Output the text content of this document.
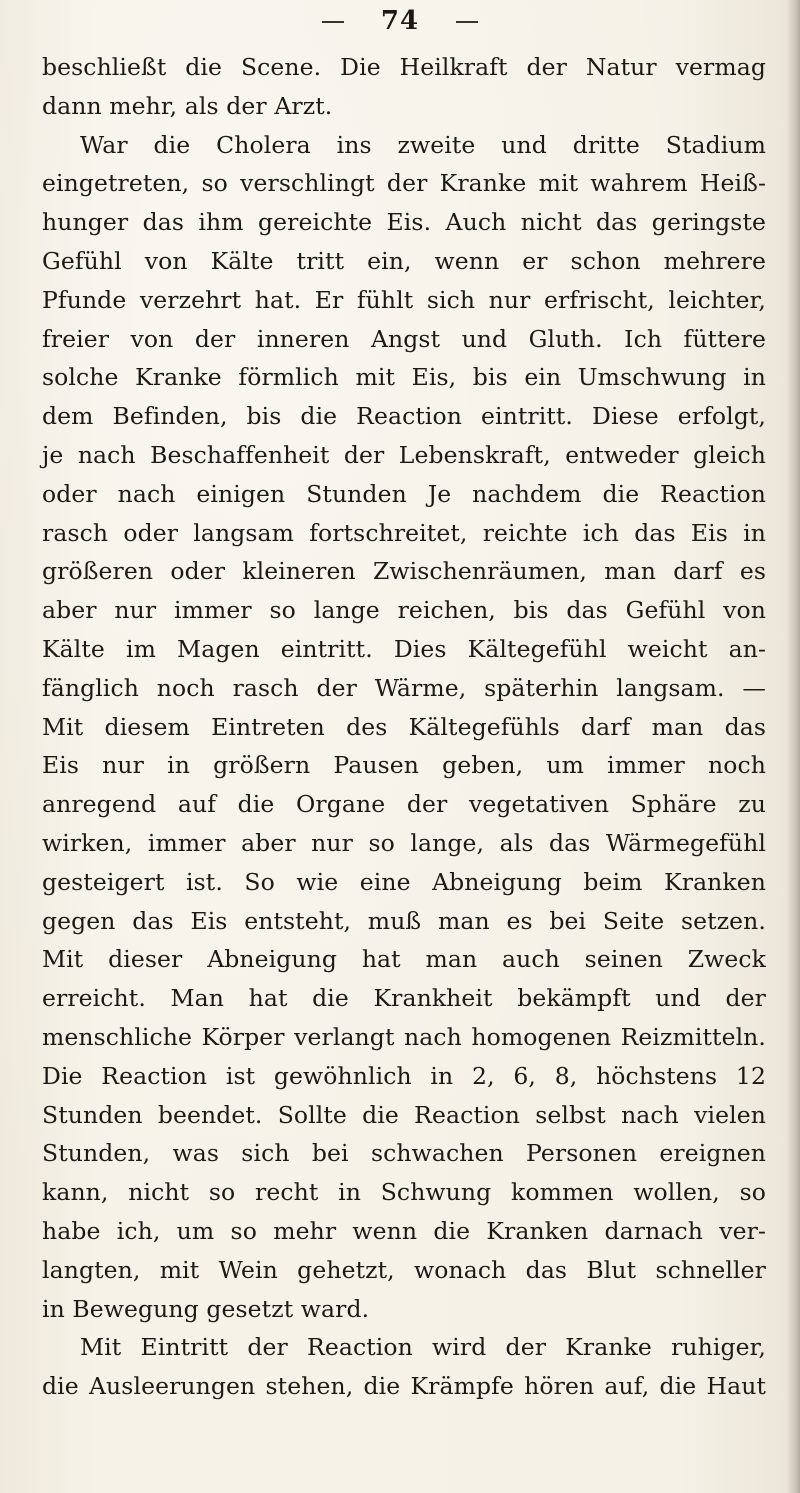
74
beschließt die Scene. Die Heilkraft der Natur vermag
dann mehr, als der Arzt.
War die Cholera ins zweite und dritte Stadium
eingetreten, so verschlingt der Kranke mit wahrem Heiß-
hunger das ihm gereichte Eis. Auch nicht das geringste
Gefühl von Kälte tritt ein, wenn er schon mehrere
Pfunde verzehrt hat. Er fühlt sich nur erfrischt, leichter,
freier von der inneren Angst und Gluth. Ich füttere
solche Kranke förmlich mit Eis, bis ein Umschwung in
dem Befinden, bis die Reaction eintritt. Diese erfolgt,
je nach Beschaffenheit der Lebenskraft, entweder gleich
oder nach einigen Stunden Je nachdem die Reaction
rasch oder langsam fortschreitet, reichte ich das Eis in
größeren oder kleineren Zwischenräumen, man darf es
aber nur immer so lange reichen, bis das Gefühl von
Kälte im Magen eintritt. Dies Kältegefühl weicht an-
fänglich noch rasch der Wärme, späterhin langsam. —
Mit diesem Eintreten des Kältegefühls darf man das
Eis nur in größern Pausen geben, um immer noch
anregend auf die Organe der vegetativen Sphäre zu
wirken, immer aber nur so lange, als das Wärmegefühl
gesteigert ist. So wie eine Abneigung beim Kranken
gegen das Eis entsteht, muß man es bei Seite setzen.
Mit dieser Abneigung hat man auch seinen Zweck
erreicht. Man hat die Krankheit bekämpft und der
menschliche Körper verlangt nach homogenen Reizmitteln.
Die Reaction ist gewöhnlich in 2, 6, 8, höchstens 12
Stunden beendet. Sollte die Reaction selbst nach vielen
Stunden, was sich bei schwachen Personen ereignen
kann, nicht so recht in Schwung kommen wollen, so
habe ich, um so mehr wenn die Kranken darnach ver-
langten, mit Wein gehetzt, wonach das Blut schneller
in Bewegung gesetzt ward.
Mit Eintritt der Reaction wird der Kranke ruhiger,
die Ausleerungen stehen, die Krämpfe hören auf, die Haut
